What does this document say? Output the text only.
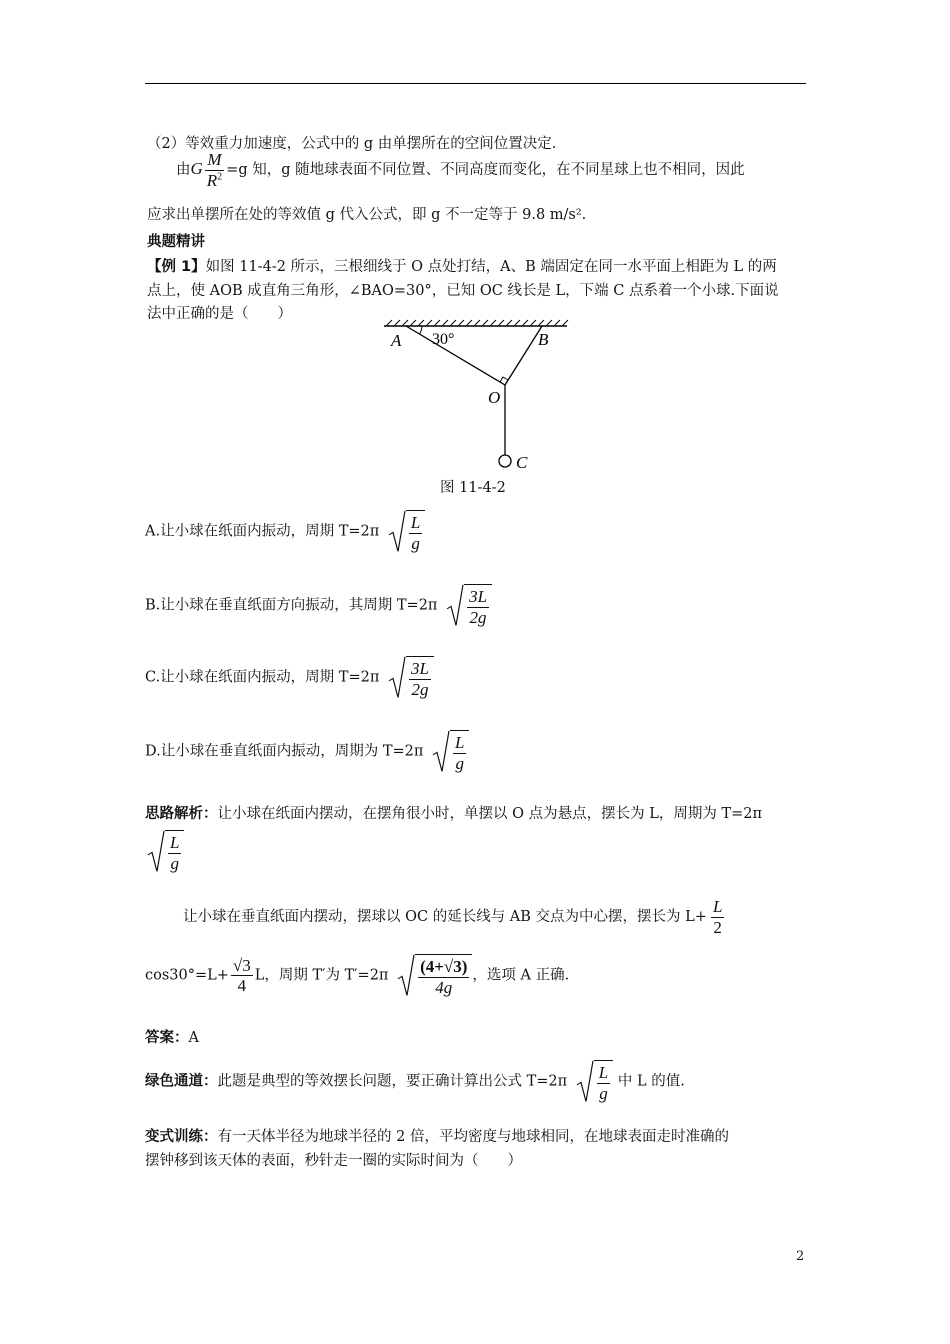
（2）等效重力加速度，公式中的 g 由单摆所在的空间位置决定.
由G $\frac{M}{R^2} =g$ 知，g 随地球表面不同位置、不同高度而变化，在不同星球上也不相同，因此
应求出单摆所在处的等效值 g 代入公式，即 g 不一定等于 9.8 m/s².
典题精讲
【例 1】如图 11-4-2 所示，三根细线于 O 点处打结，A、B 端固定在同一水平面上相距为 L 的两
点上，使 AOB 成直角三角形，∠BAO=30°，已知 OC 线长是 L，下端 C 点系着一个小球.下面说
法中正确的是（　　）
A 30°	B
O
C
图 11-4-2
A.让小球在纸面内振动，周期 $T=2\pi \frac{L}{g}$
B.让小球在垂直纸面方向振动，其周期 $T=2\pi \frac{3L}{2g}$
C.让小球在纸面内振动，周期 $T=2\pi \frac{3L}{2g}$
D.让小球在垂直纸面内振动，周期为 $T=2\pi \frac{L}{g}$
思路解析：让小球在纸面内摆动，在摆角很小时，单摆以 O 点为悬点，摆长为 L，周期为 T=2π
$\frac{L}{g}$
让小球在垂直纸面内摆动，摆球以 OC 的延长线与 AB 交点为中心摆，摆长为 $L+ \frac{L}{2}$
$\cos 30^\circ=L+ \frac{√3}{4}$ L，周期 T′为 $T'=2\pi \frac{(4+√3)}{4g}$ ，选项 A 正确.
答案：A
绿色通道：此题是典型的等效摆长问题，要正确计算出公式 $T=2\pi \frac{L}{g}$ 中 L 的值.
变式训练：有一天体半径为地球半径的 2 倍，平均密度与地球相同，在地球表面走时准确的
摆钟移到该天体的表面，秒针走一圈的实际时间为（　　）
2
